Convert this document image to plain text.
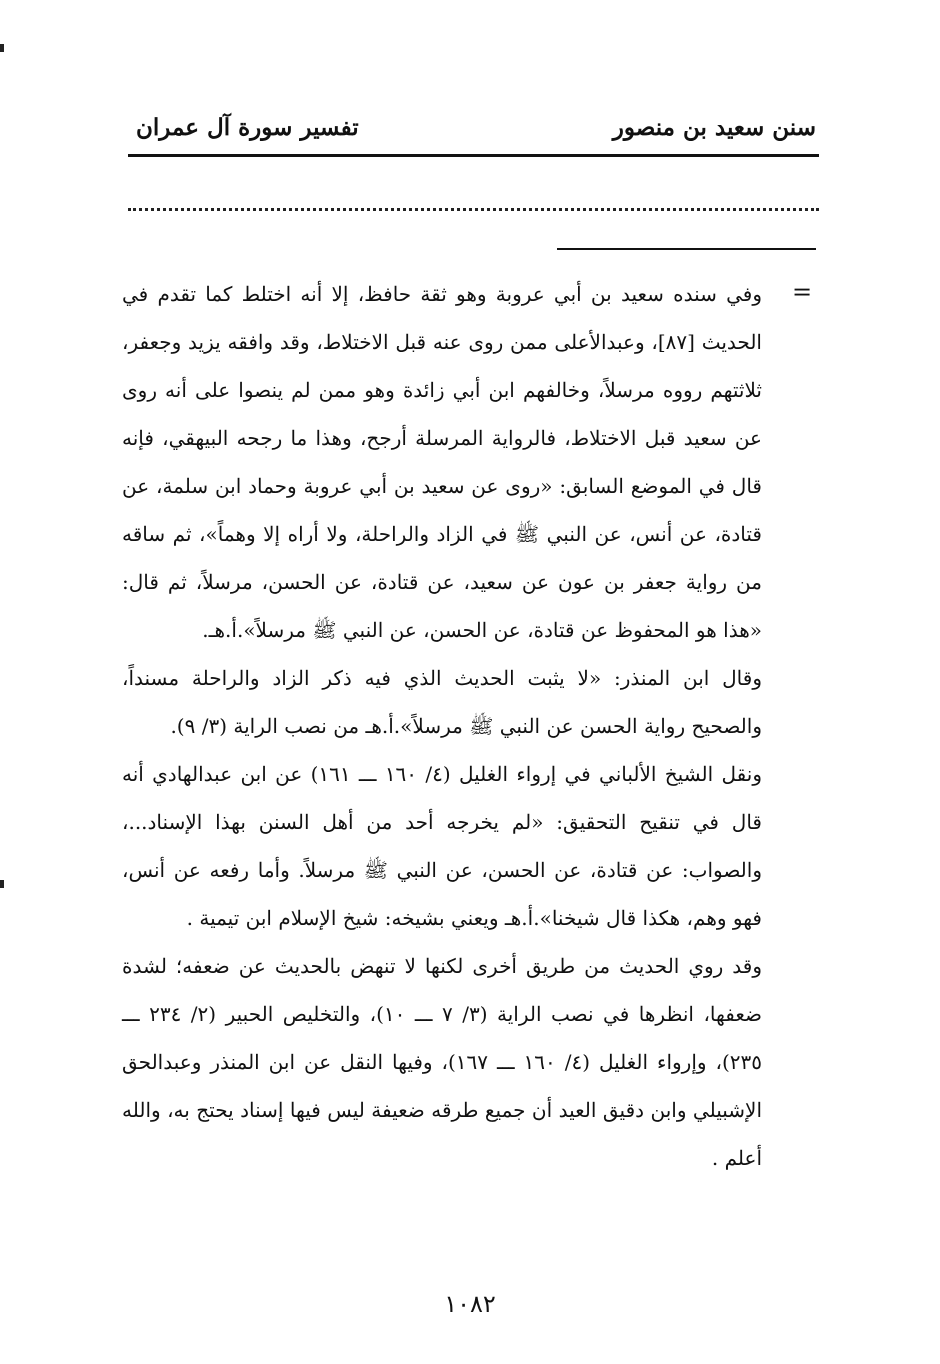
سنن سعيد بن منصور
تفسير سورة آل عمران
=

وفي سنده سعيد بن أبي عروبة وهو ثقة حافظ، إلا أنه اختلط كما تقدم في الحديث [٨٧]، وعبدالأعلى ممن روى عنه قبل الاختلاط، وقد وافقه يزيد وجعفر، ثلاثتهم رووه مرسلاً، وخالفهم ابن أبي زائدة وهو ممن لم ينصوا على أنه روى عن سعيد قبل الاختلاط، فالرواية المرسلة أرجح، وهذا ما رجحه البيهقي، فإنه قال في الموضع السابق: «روى عن سعيد بن أبي عروبة وحماد ابن سلمة، عن قتادة، عن أنس، عن النبي ﷺ في الزاد والراحلة، ولا أراه إلا وهماً»، ثم ساقه من رواية جعفر بن عون عن سعيد، عن قتادة، عن الحسن، مرسلاً، ثم قال: «هذا هو المحفوظ عن قتادة، عن الحسن، عن النبي ﷺ مرسلاً».أ.هـ.

وقال ابن المنذر: «لا يثبت الحديث الذي فيه ذكر الزاد والراحلة مسنداً، والصحيح رواية الحسن عن النبي ﷺ مرسلاً».أ.هـ من نصب الراية (٣/ ٩).

ونقل الشيخ الألباني في إرواء الغليل (٤/ ١٦٠ ـــ ١٦١) عن ابن عبدالهادي أنه قال في تنقيح التحقيق: «لم يخرجه أحد من أهل السنن بهذا الإسناد...، والصواب: عن قتادة، عن الحسن، عن النبي ﷺ مرسلاً. وأما رفعه عن أنس، فهو وهم، هكذا قال شيخنا».أ.هـ ويعني بشيخه: شيخ الإسلام ابن تيمية .

وقد روي الحديث من طريق أخرى لكنها لا تنهض بالحديث عن ضعفه؛ لشدة ضعفها، انظرها في نصب الراية (٣/ ٧ ـــ ١٠)، والتخليص الحبير (٢/ ٢٣٤ ـــ ٢٣٥)، وإرواء الغليل (٤/ ١٦٠ ـــ ١٦٧)، وفيها النقل عن ابن المنذر وعبدالحق الإشبيلي وابن دقيق العيد أن جميع طرقه ضعيفة ليس فيها إسناد يحتج به، والله أعلم .

١٠٨٢
